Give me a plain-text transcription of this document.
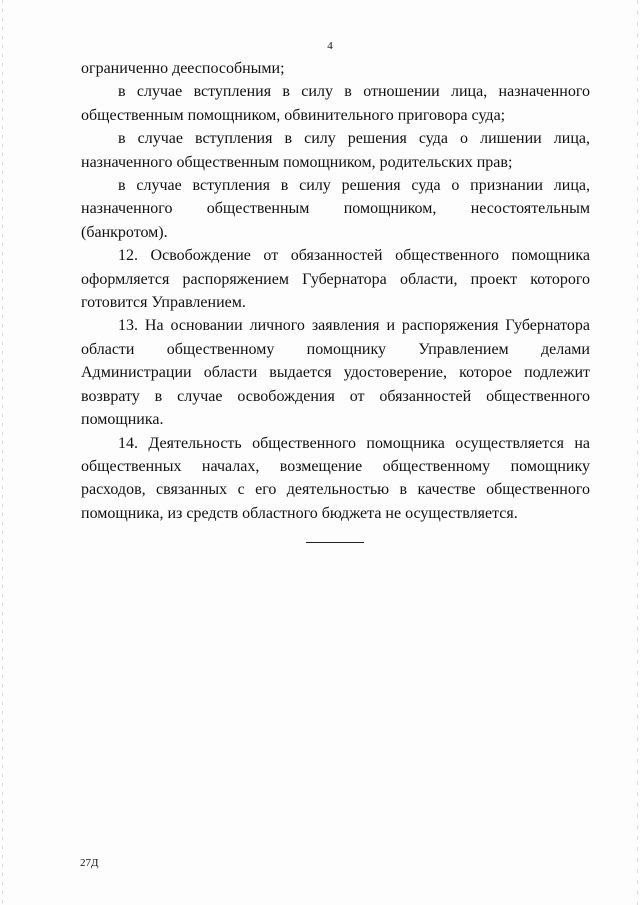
4
ограниченно дееспособными;
в случае вступления в силу в отношении лица, назначенного
общественным помощником, обвинительного приговора суда;
в случае вступления в силу решения суда о лишении лица,
назначенного общественным помощником, родительских прав;
в случае вступления в силу решения суда о признании лица,
назначенного общественным помощником, несостоятельным
(банкротом).
12. Освобождение от обязанностей общественного помощника
оформляется распоряжением Губернатора области, проект которого
готовится Управлением.
13. На основании личного заявления и распоряжения Губернатора
области общественному помощнику Управлением делами
Администрации области выдается удостоверение, которое подлежит
возврату в случае освобождения от обязанностей общественного
помощника.
14. Деятельность общественного помощника осуществляется на
общественных началах, возмещение общественному помощнику
расходов, связанных с его деятельностью в качестве общественного
помощника, из средств областного бюджета не осуществляется.
27Д
